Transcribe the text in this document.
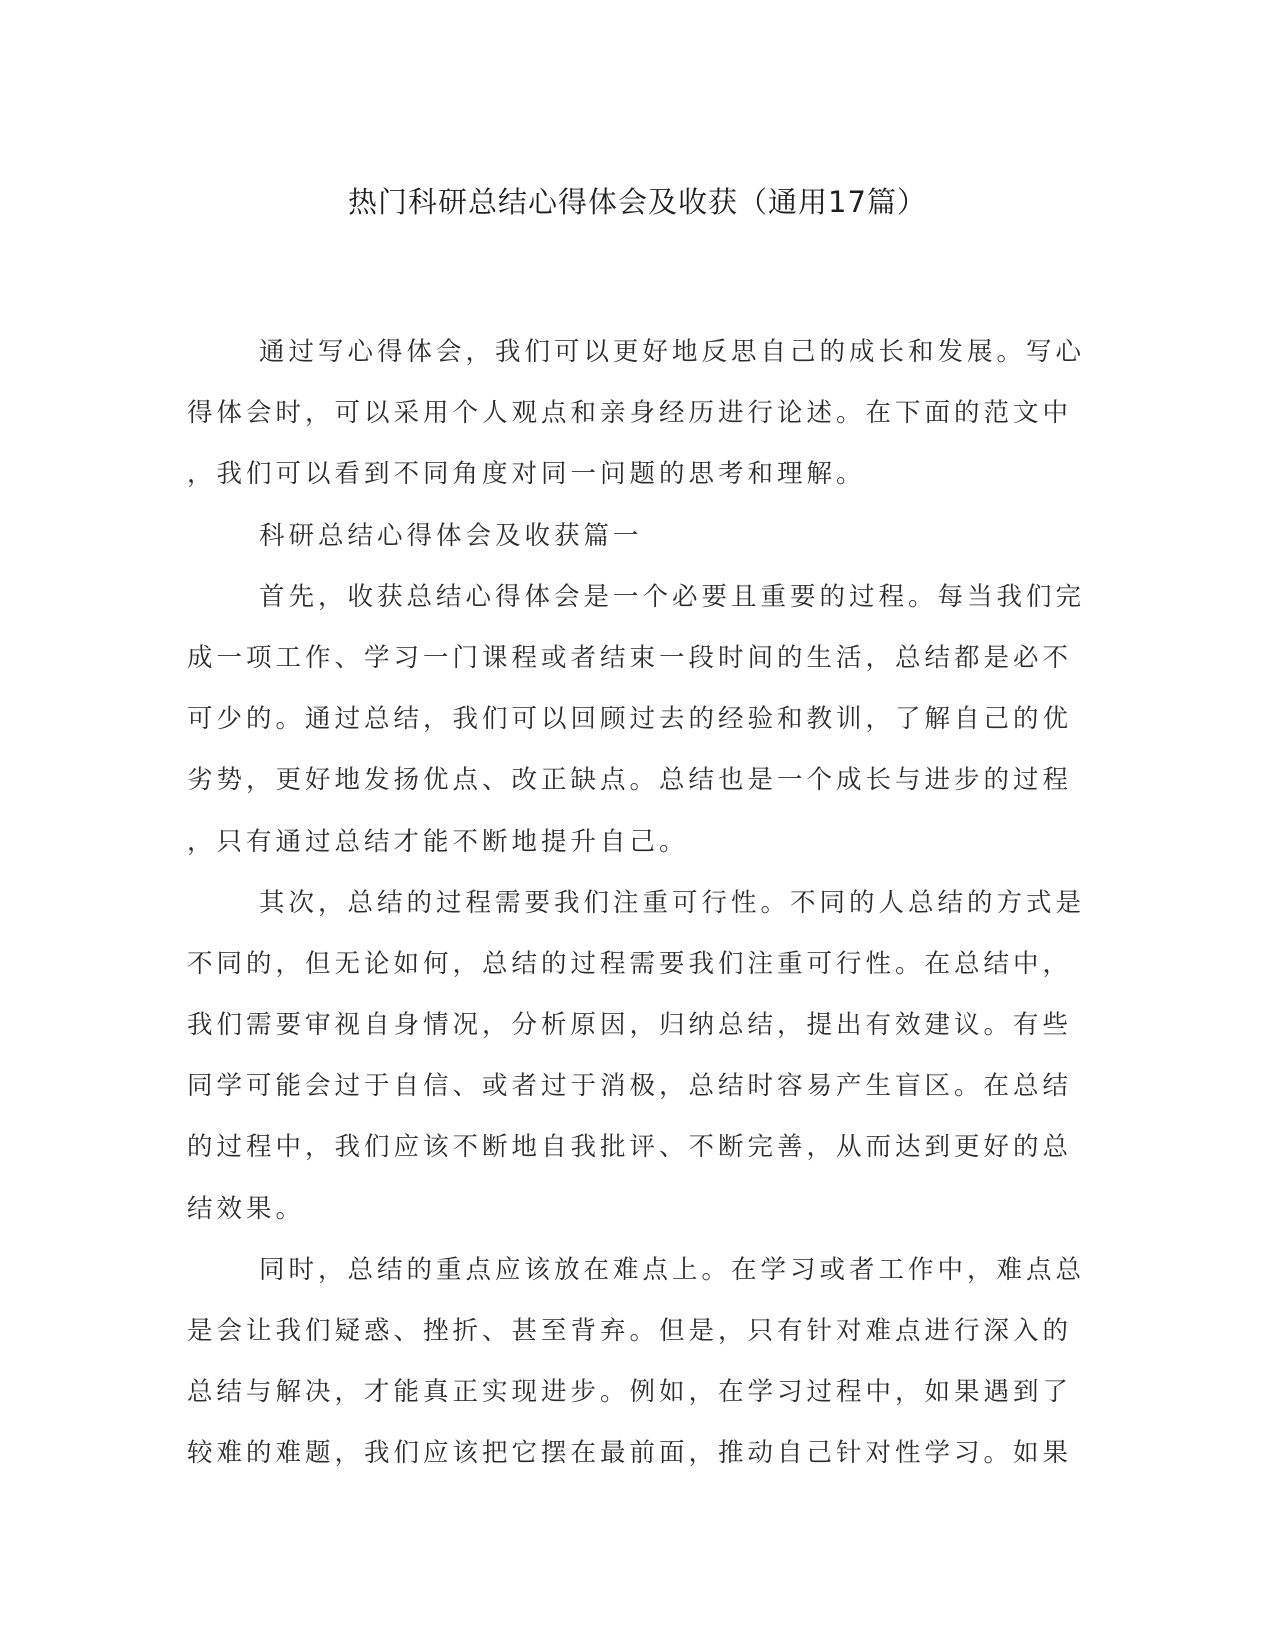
热门科研总结心得体会及收获（通用17篇）
通过写心得体会，我们可以更好地反思自己的成长和发展。写心
得体会时，可以采用个人观点和亲身经历进行论述。在下面的范文中
，我们可以看到不同角度对同一问题的思考和理解。
科研总结心得体会及收获篇一
首先，收获总结心得体会是一个必要且重要的过程。每当我们完
成一项工作、学习一门课程或者结束一段时间的生活，总结都是必不
可少的。通过总结，我们可以回顾过去的经验和教训，了解自己的优
劣势，更好地发扬优点、改正缺点。总结也是一个成长与进步的过程
，只有通过总结才能不断地提升自己。
其次，总结的过程需要我们注重可行性。不同的人总结的方式是
不同的，但无论如何，总结的过程需要我们注重可行性。在总结中，
我们需要审视自身情况，分析原因，归纳总结，提出有效建议。有些
同学可能会过于自信、或者过于消极，总结时容易产生盲区。在总结
的过程中，我们应该不断地自我批评、不断完善，从而达到更好的总
结效果。
同时，总结的重点应该放在难点上。在学习或者工作中，难点总
是会让我们疑惑、挫折、甚至背弃。但是，只有针对难点进行深入的
总结与解决，才能真正实现进步。例如，在学习过程中，如果遇到了
较难的难题，我们应该把它摆在最前面，推动自己针对性学习。如果
